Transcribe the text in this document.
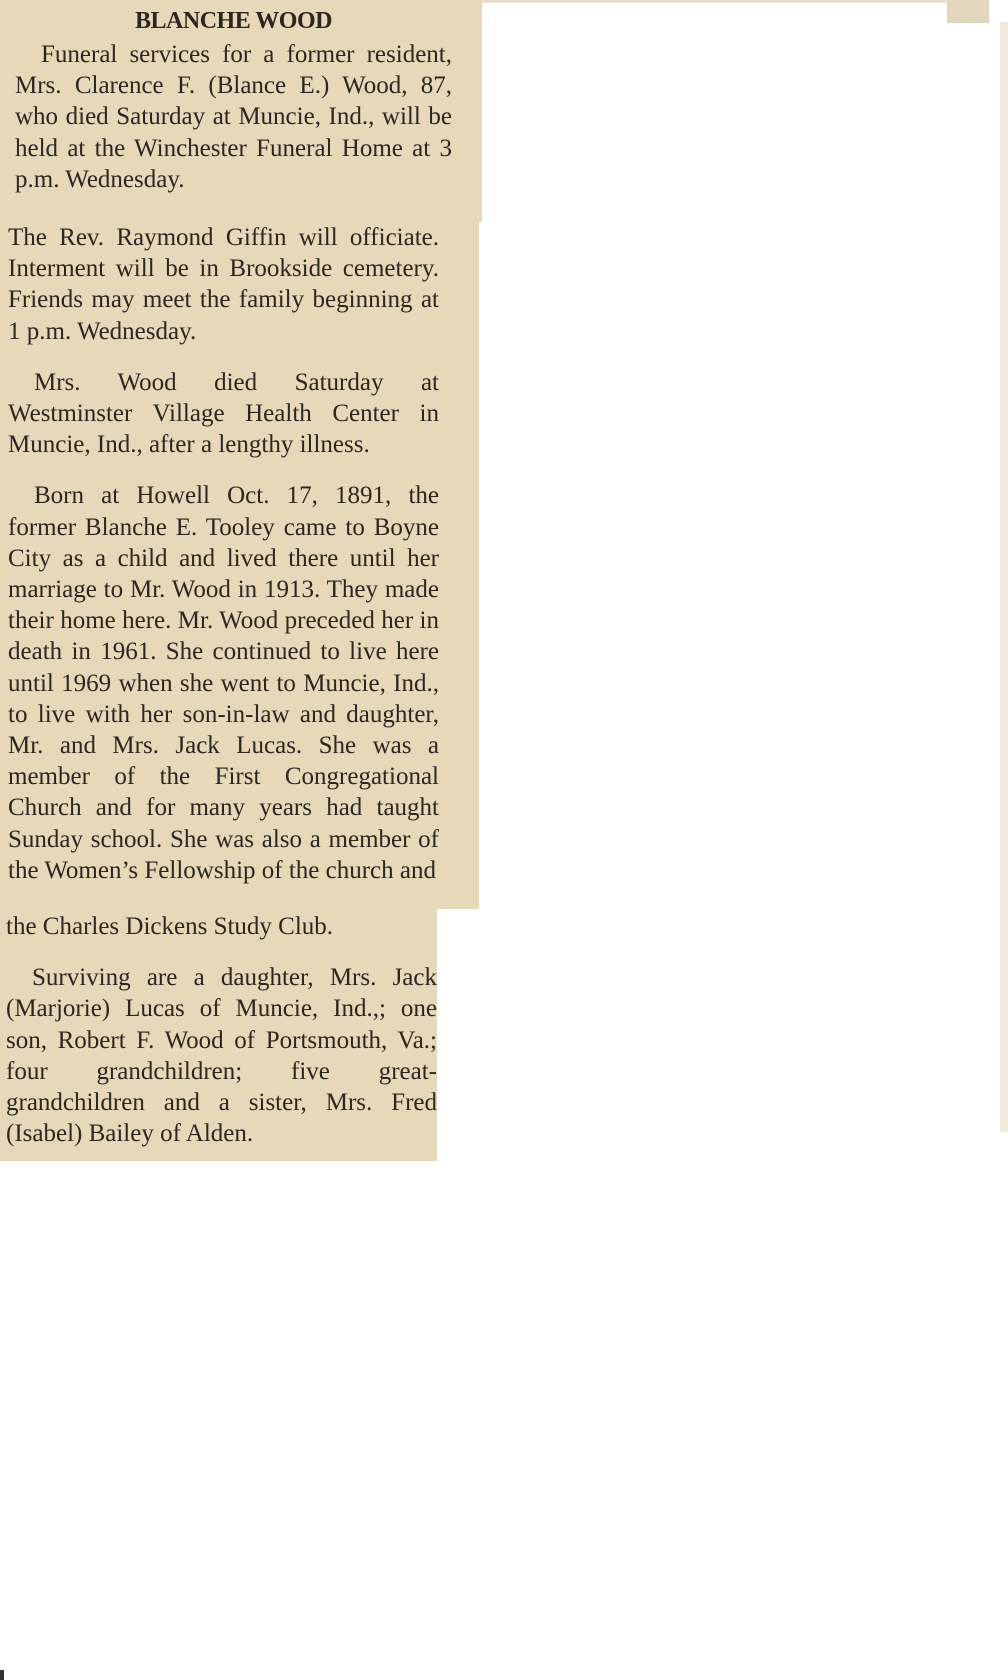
BLANCHE WOOD

Funeral services for a former resident, Mrs. Clarence F. (Blance E.) Wood, 87, who died Saturday at Muncie, Ind., will be held at the Winchester Funeral Home at 3 p.m. Wednesday.

The Rev. Raymond Giffin will officiate. Interment will be in Brookside cemetery. Friends may meet the family beginning at 1 p.m. Wednesday.

Mrs. Wood died Saturday at Westminster Village Health Center in Muncie, Ind., after a lengthy illness.

Born at Howell Oct. 17, 1891, the former Blanche E. Tooley came to Boyne City as a child and lived there until her marriage to Mr. Wood in 1913. They made their home here. Mr. Wood preceded her in death in 1961. She continued to live here until 1969 when she went to Muncie, Ind., to live with her son-in-law and daughter, Mr. and Mrs. Jack Lucas. She was a member of the First Congregational Church and for many years had taught Sunday school. She was also a member of the Women’s Fellowship of the church and

the Charles Dickens Study Club.

Surviving are a daughter, Mrs. Jack (Marjorie) Lucas of Muncie, Ind.,; one son, Robert F. Wood of Portsmouth, Va.; four grandchildren; five great-grandchildren and a sister, Mrs. Fred (Isabel) Bailey of Alden.
